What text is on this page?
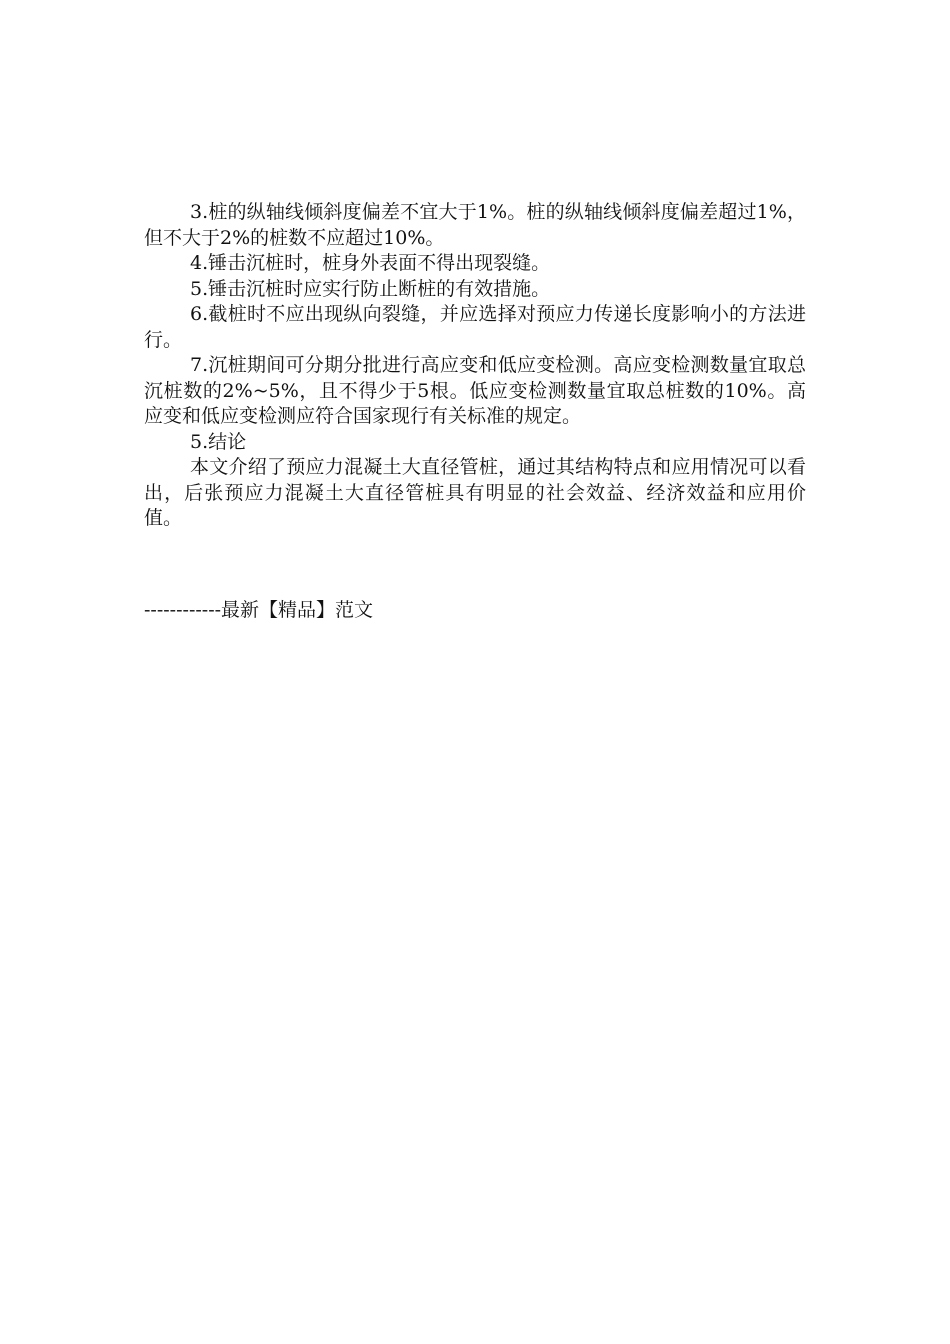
3.桩的纵轴线倾斜度偏差不宜大于1%。桩的纵轴线倾斜度偏差超过1%，但不大于2%的桩数不应超过10%。

4.锤击沉桩时，桩身外表面不得出现裂缝。

5.锤击沉桩时应实行防止断桩的有效措施。

6.截桩时不应出现纵向裂缝，并应选择对预应力传递长度影响小的方法进行。

7.沉桩期间可分期分批进行高应变和低应变检测。高应变检测数量宜取总沉桩数的2%~5%，且不得少于5根。低应变检测数量宜取总桩数的10%。高应变和低应变检测应符合国家现行有关标准的规定。

5.结论

本文介绍了预应力混凝土大直径管桩，通过其结构特点和应用情况可以看出，后张预应力混凝土大直径管桩具有明显的社会效益、经济效益和应用价值。

------------最新【精品】范文
